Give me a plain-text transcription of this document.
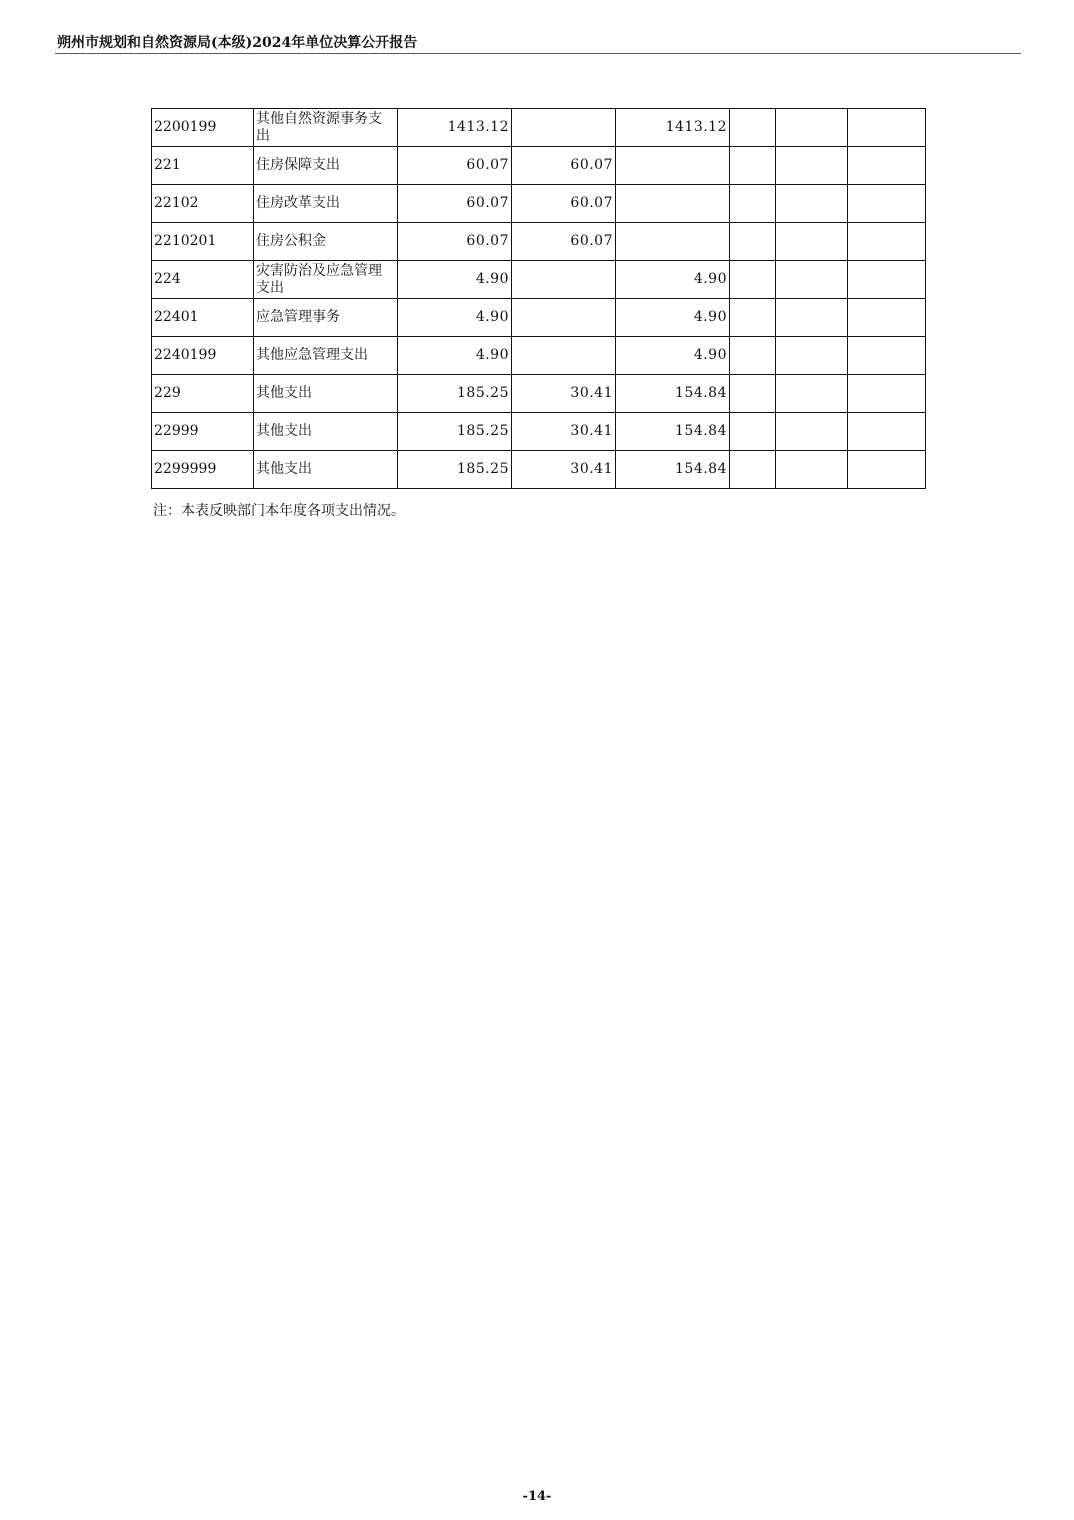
朔州市规划和自然资源局(本级)2024年单位决算公开报告
2200199	其他自然资源事务支出	1413.12		1413.12			
221	住房保障支出	60.07	60.07				
22102	住房改革支出	60.07	60.07				
2210201	住房公积金	60.07	60.07				
224	灾害防治及应急管理支出	4.90		4.90			
22401	应急管理事务	4.90		4.90			
2240199	其他应急管理支出	4.90		4.90			
229	其他支出	185.25	30.41	154.84			
22999	其他支出	185.25	30.41	154.84			
2299999	其他支出	185.25	30.41	154.84			
注：本表反映部门本年度各项支出情况。
-14-
